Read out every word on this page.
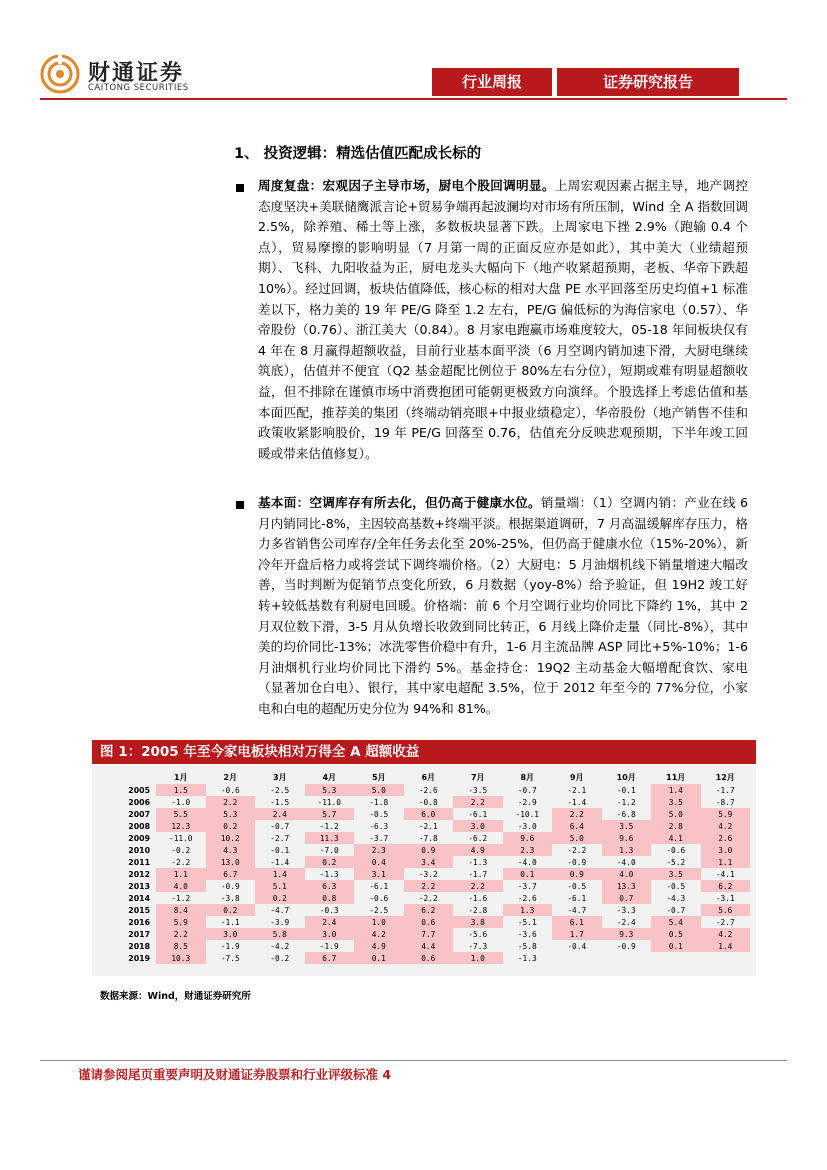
财通证券
CAITONG SECURITIES	行业周报	证券研究报告
1、 投资逻辑：精选估值匹配成长标的
周度复盘：宏观因子主导市场，厨电个股回调明显。上周宏观因素占据主导，地产调控态度坚决+美联储鹰派言论+贸易争端再起波澜均对市场有所压制，Wind 全 A 指数回调 2.5%，除养殖、稀土等上涨，多数板块显著下跌。上周家电下挫 2.9%（跑输 0.4 个点），贸易摩擦的影响明显（7 月第一周的正面反应亦是如此），其中美大（业绩超预期）、飞科、九阳收益为正，厨电龙头大幅向下（地产收紧超预期，老板、华帝下跌超10%）。经过回调，板块估值降低，核心标的相对大盘 PE 水平回落至历史均值+1 标准差以下，格力美的 19 年 PE/G 降至 1.2 左右，PE/G 偏低标的为海信家电（0.57）、华帝股份（0.76）、浙江美大（0.84）。8 月家电跑赢市场难度较大，05-18 年间板块仅有 4 年在 8 月赢得超额收益，目前行业基本面平淡（6 月空调内销加速下滑，大厨电继续筑底），估值并不便宜（Q2 基金超配比例位于 80%左右分位），短期或难有明显超额收益，但不排除在谨慎市场中消费抱团可能朝更极致方向演绎。个股选择上考虑估值和基本面匹配，推荐美的集团（终端动销亮眼+中报业绩稳定），华帝股份（地产销售不佳和政策收紧影响股价，19 年 PE/G 回落至 0.76，估值充分反映悲观预期，下半年竣工回暖或带来估值修复）。
基本面：空调库存有所去化，但仍高于健康水位。销量端：（1）空调内销：产业在线 6 月内销同比-8%，主因较高基数+终端平淡。根据渠道调研，7 月高温缓解库存压力，格力多省销售公司库存/全年任务去化至 20%-25%，但仍高于健康水位（15%-20%），新冷年开盘后格力或将尝试下调终端价格。（2）大厨电：5 月油烟机线下销量增速大幅改善，当时判断为促销节点变化所致，6 月数据（yoy-8%）给予验证，但 19H2 竣工好转+较低基数有利厨电回暖。价格端：前 6 个月空调行业均价同比下降约 1%，其中 2 月双位数下滑，3-5 月从负增长收敛到同比转正，6 月线上降价走量（同比-8%），其中美的均价同比-13%；冰洗零售价稳中有升，1-6 月主流品牌 ASP 同比+5%-10%；1-6 月油烟机行业均价同比下滑约 5%。基金持仓：19Q2 主动基金大幅增配食饮、家电（显著加仓白电）、银行，其中家电超配 3.5%，位于 2012 年至今的 77%分位，小家电和白电的超配历史分位为 94%和 81%。
图 1：2005 年至今家电板块相对万得全 A 超额收益
	1月	2月	3月	4月	5月	6月	7月	8月	9月	10月	11月	12月
2005	1.5	-0.6	-2.5	5.3	5.0	-2.6	-3.5	-0.7	-2.1	-0.1	1.4	-1.7
2006	-1.0	2.2	-1.5	-11.0	-1.8	-0.8	2.2	-2.9	-1.4	-1.2	3.5	-8.7
2007	5.5	5.3	2.4	5.7	-0.5	6.0	-6.1	-10.1	2.2	-6.8	5.0	5.9
2008	12.3	0.2	-0.7	-1.2	-6.3	-2.1	3.0	-3.0	6.4	3.5	2.8	4.2
2009	-11.0	10.2	-2.7	11.3	-3.7	-7.8	-6.2	9.6	5.0	9.6	4.1	2.6
2010	-0.2	4.3	-0.1	-7.0	2.3	0.9	4.9	2.3	-2.2	1.3	-0.6	3.0
2011	-2.2	13.0	-1.4	0.2	0.4	3.4	-1.3	-4.0	-0.9	-4.0	-5.2	1.1
2012	1.1	6.7	1.4	-1.3	3.1	-3.2	-1.7	0.1	0.9	4.0	3.5	-4.1
2013	4.0	-0.9	5.1	6.3	-6.1	2.2	2.2	-3.7	-0.5	13.3	-0.5	6.2
2014	-1.2	-3.8	0.2	0.8	-0.6	-2.2	-1.6	-2.6	-6.1	0.7	-4.3	-3.1
2015	8.4	0.2	-4.7	-0.3	-2.5	6.2	-2.8	1.3	-4.7	-3.3	-0.7	5.6
2016	5.9	-1.1	-3.9	2.4	1.0	0.6	3.8	-5.1	6.1	-2.4	5.4	-2.7
2017	2.2	3.0	5.8	3.0	4.2	7.7	-5.6	-3.6	1.7	9.3	0.5	4.2
2018	8.5	-1.9	-4.2	-1.9	4.9	4.4	-7.3	-5.8	-0.4	-0.9	0.1	1.4
2019	10.3	-7.5	-0.2	6.7	0.1	0.6	1.0	-1.3				
数据来源：Wind，财通证券研究所
谨请参阅尾页重要声明及财通证券股票和行业评级标准 4
